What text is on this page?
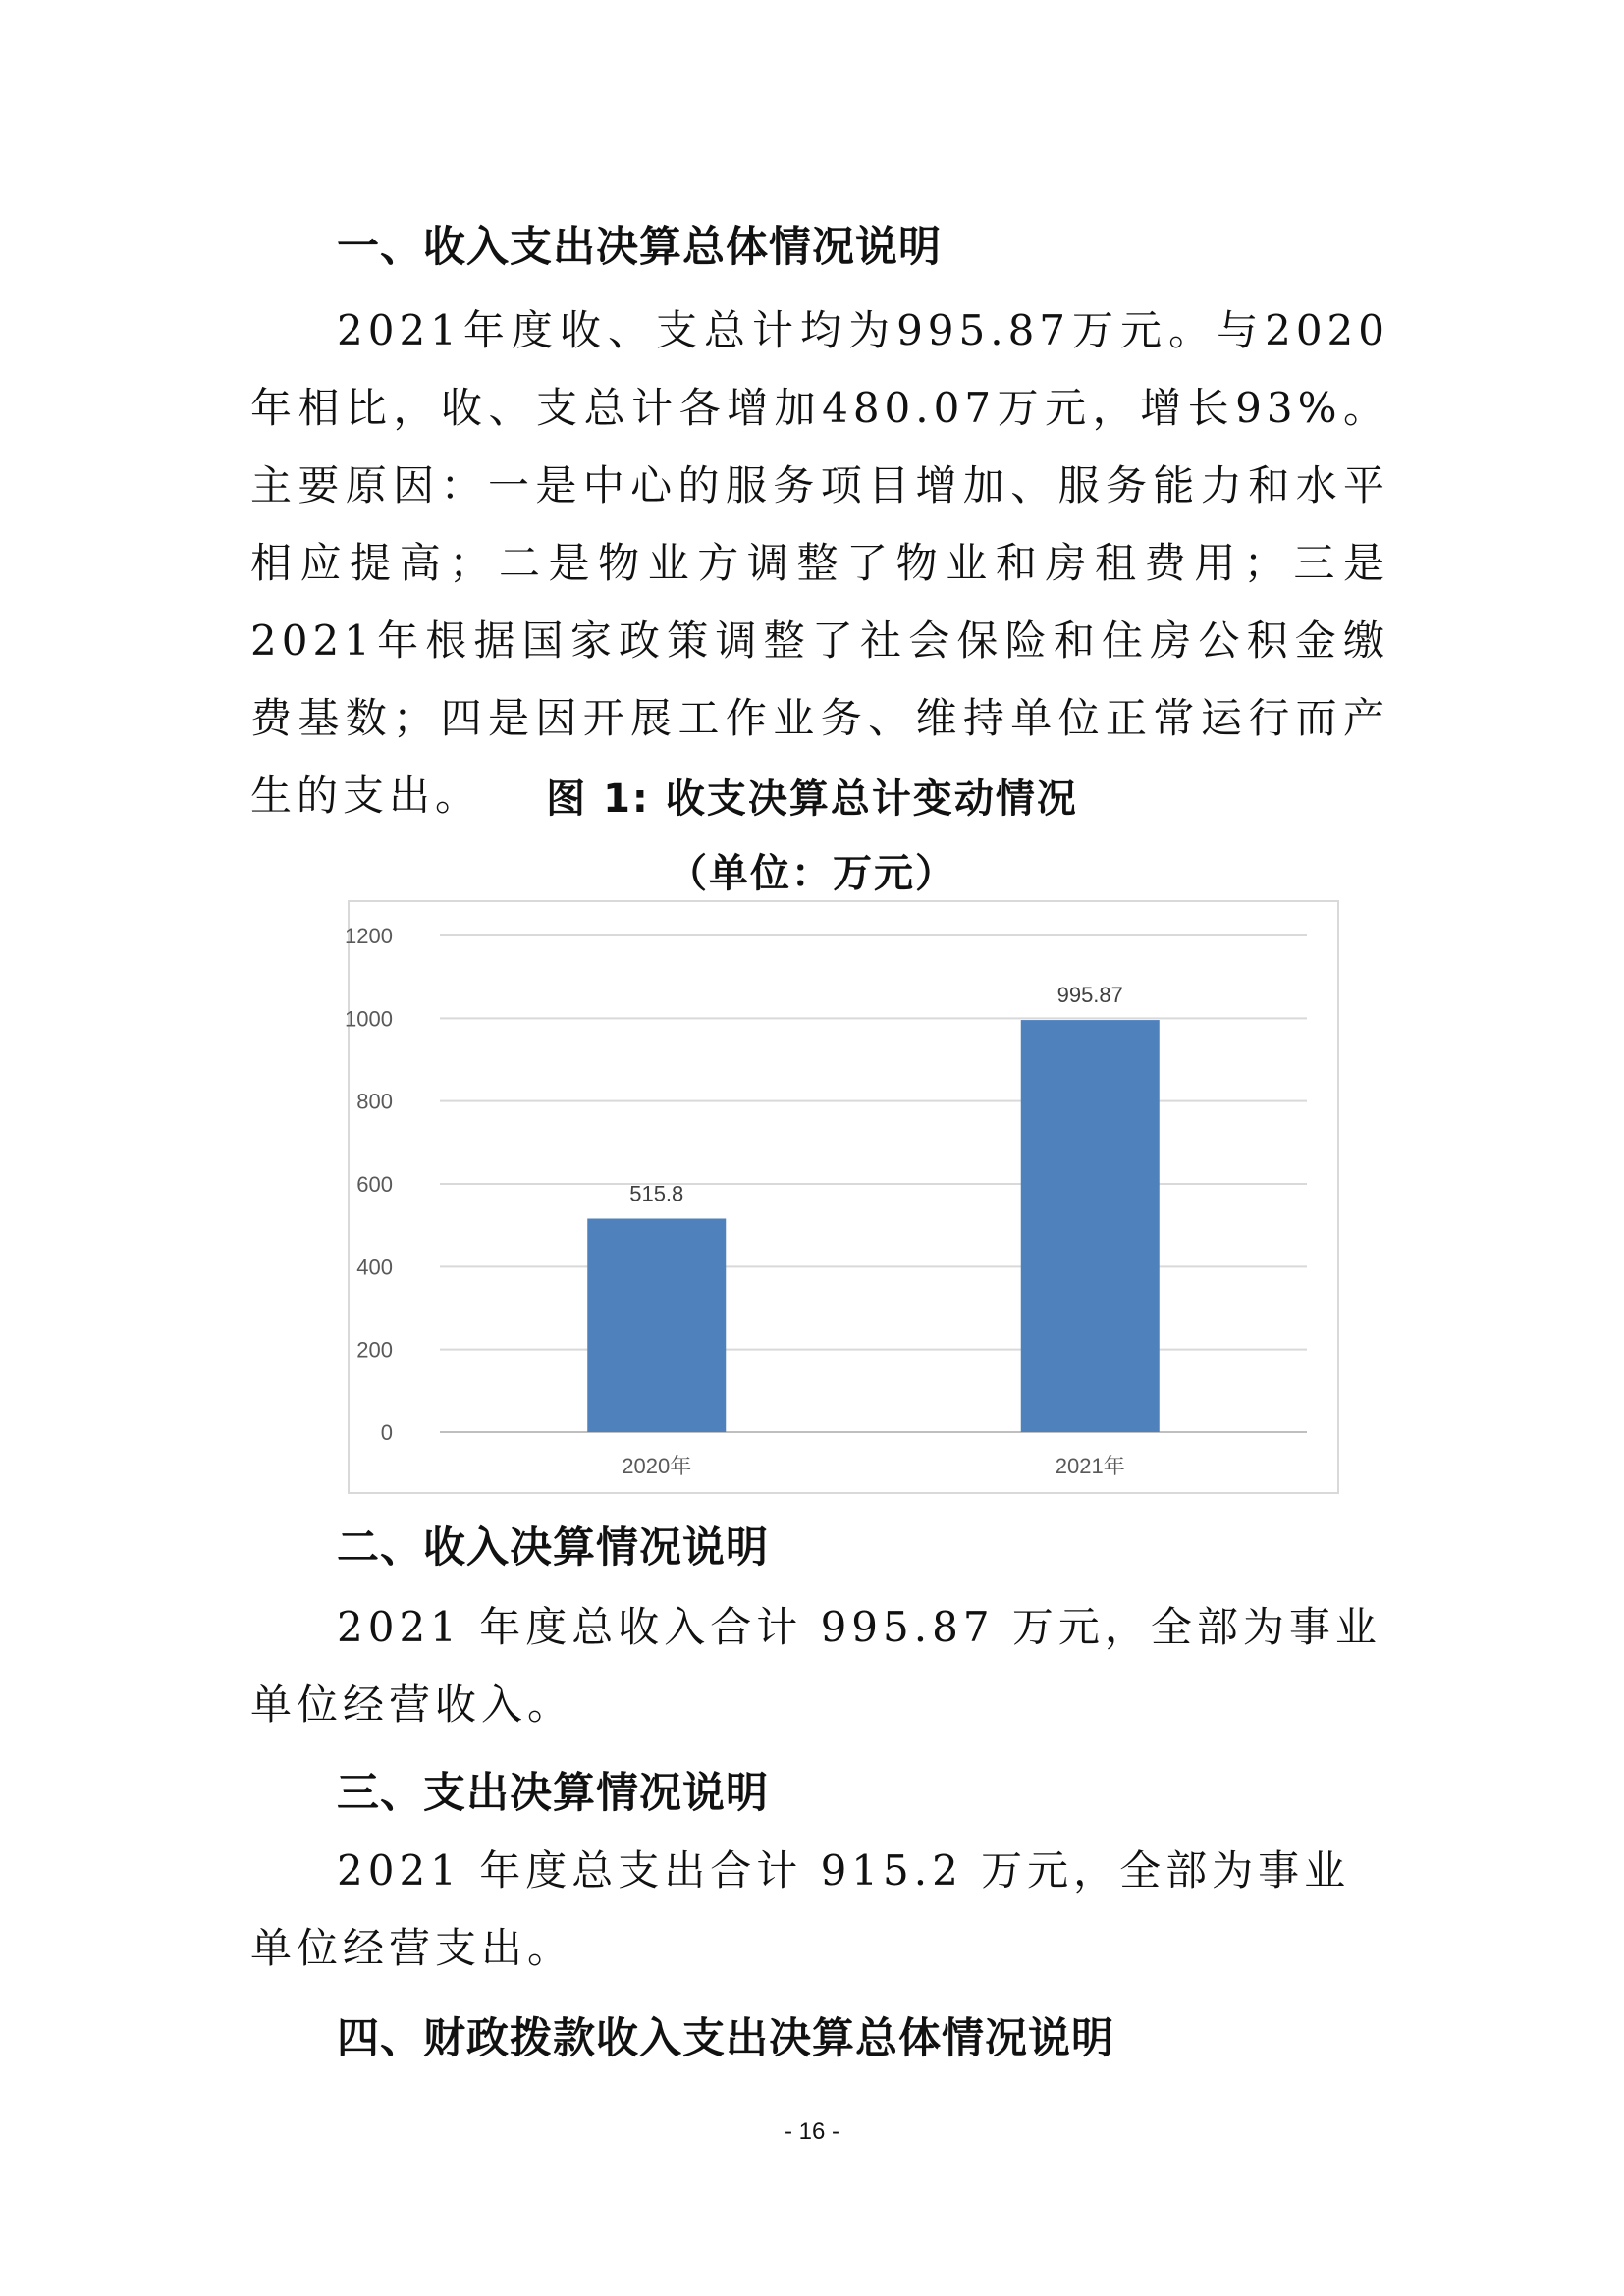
一、收入支出决算总体情况说明
2021年度收、支总计均为995.87万元。与2020年相比，收、支总计各增加480.07万元，增长93%。主要原因：一是中心的服务项目增加、服务能力和水平相应提高；二是物业方调整了物业和房租费用；三是2021年根据国家政策调整了社会保险和住房公积金缴费基数；四是因开展工作业务、维持单位正常运行而产生的支出。	图 1: 收支决算总计变动情况
（单位：万元）
0
200
400
600
800
1000
1200
515.8
2020年
995.87
2021年
二、收入决算情况说明
2021 年度总收入合计 995.87 万元，全部为事业单位经营收入。
三、支出决算情况说明
2021 年度总支出合计 915.2 万元，全部为事业单位经营支出。
四、财政拨款收入支出决算总体情况说明
- 16 -
